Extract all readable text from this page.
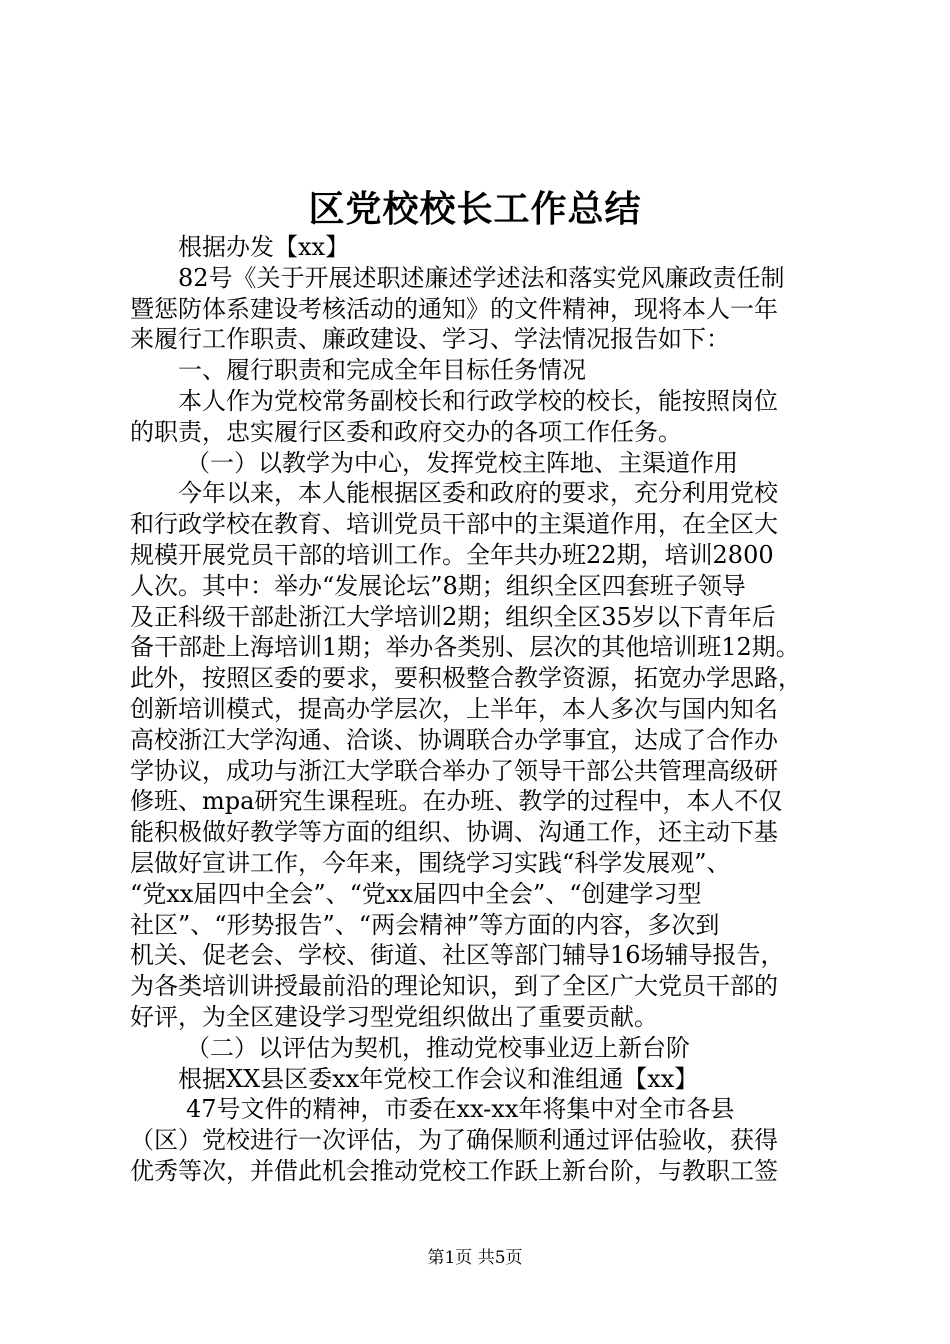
区党校校长工作总结

根据办发【xx】

82号《关于开展述职述廉述学述法和落实党风廉政责任制

暨惩防体系建设考核活动的通知》的文件精神，现将本人一年

来履行工作职责、廉政建设、学习、学法情况报告如下：

一、履行职责和完成全年目标任务情况

本人作为党校常务副校长和行政学校的校长，能按照岗位

的职责，忠实履行区委和政府交办的各项工作任务。

（一）以教学为中心，发挥党校主阵地、主渠道作用

今年以来，本人能根据区委和政府的要求，充分利用党校

和行政学校在教育、培训党员干部中的主渠道作用，在全区大

规模开展党员干部的培训工作。全年共办班22期，培训2800

人次。其中：举办“发展论坛”8期；组织全区四套班子领导

及正科级干部赴浙江大学培训2期；组织全区35岁以下青年后

备干部赴上海培训1期；举办各类别、层次的其他培训班12期。

此外，按照区委的要求，要积极整合教学资源，拓宽办学思路，

创新培训模式，提高办学层次，上半年，本人多次与国内知名

高校浙江大学沟通、洽谈、协调联合办学事宜，达成了合作办

学协议，成功与浙江大学联合举办了领导干部公共管理高级研

修班、mpa研究生课程班。在办班、教学的过程中，本人不仅

能积极做好教学等方面的组织、协调、沟通工作，还主动下基

层做好宣讲工作，今年来，围绕学习实践“科学发展观”、

“党xx届四中全会”、“党xx届四中全会”、“创建学习型

社区”、“形势报告”、“两会精神”等方面的内容，多次到

机关、促老会、学校、街道、社区等部门辅导16场辅导报告，

为各类培训讲授最前沿的理论知识，到了全区广大党员干部的

好评，为全区建设学习型党组织做出了重要贡献。

（二）以评估为契机，推动党校事业迈上新台阶

根据XX县区委xx年党校工作会议和淮组通【xx】

47号文件的精神，市委在xx-xx年将集中对全市各县

（区）党校进行一次评估，为了确保顺利通过评估验收，获得

优秀等次，并借此机会推动党校工作跃上新台阶，与教职工签

第1页 共5页
